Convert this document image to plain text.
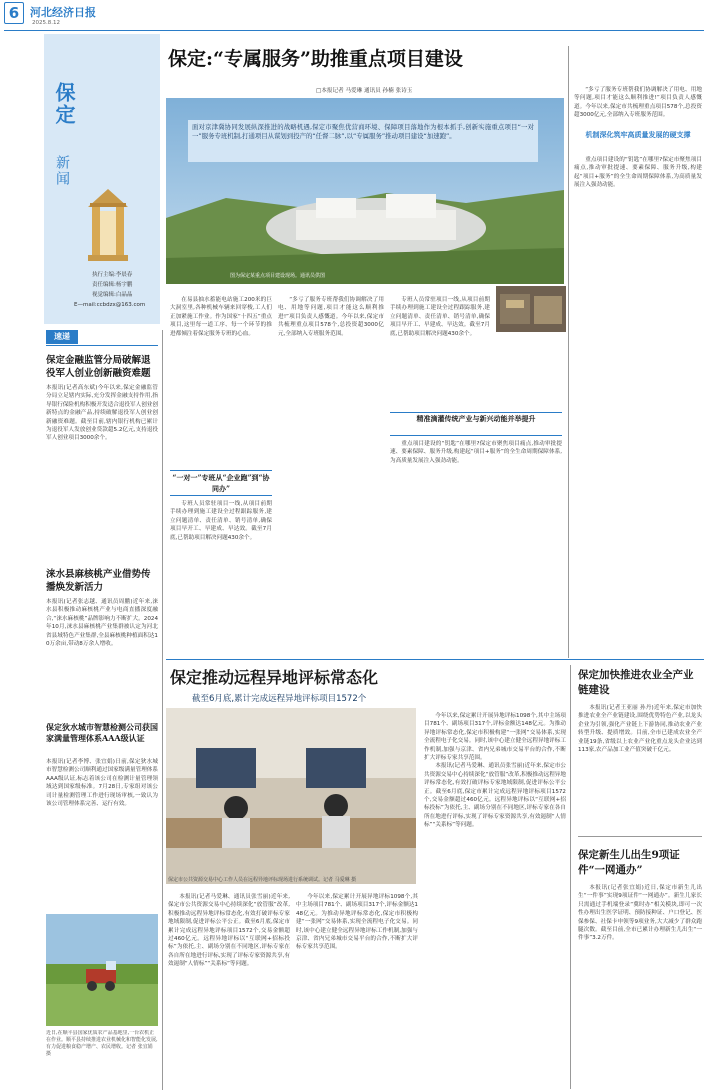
6 河北经济日报
2025.8.12
保定
新闻
执行主编:李晨春
责任编辑:杨宇鹏
视觉编辑:白晶晶
E—mail:ccbdzx@163.com
速递
保定金融监管分局破解退役军人创业创新融资难题
本报讯(记者高东斌)今年以来,保定金融监管分局立足辖内实际,充分发挥金融支持作用,指导银行保险机构积极开发适合退役军人创业创新特点的金融产品,持续破解退役军人创业创新融资难题。截至目前,辖内银行机构已累计为退役军人发放创业贷款超5.2亿元,支持退役军人创业项目3000余个。
涞水县麻核桃产业借势传播焕发新活力
本报讯(记者张志越、通讯员周鹏)近年来,涞水县积极推动麻核桃产业与电商直播深度融合,“涞水麻核桃”品牌影响力不断扩大。2024年10月,涞水县麻核桃产业集群被认定为河北省县域特色产业集群,全县麻核桃种植面积达10万余亩,带动8万余人增收。
保定狄水城市智慧检测公司获国家满量管理体系AAA级认证
本报讯(记者李博、张宜娟)日前,保定狄水城市智慧检测公司顺利通过国家级满量管理体系AAA级认证,标志着该公司在检测计量管理领域达到国家级标准。7月28日,专家组对该公司计量检测管理工作进行现场审核,一致认为该公司管理体系完善、运行有效。
近日,在顺平县国家优质农产品基地里,一台农机正在作业。顺平县持续推进农业机械化和智能化发展,有力促进粮食稳产增产、农民增收。记者 张宜娟 摄
保定:“专属服务”助推重点项目建设
□本报记者 马爱琳 通讯员 孙楠 张诗玉
面对京津冀协同发展纵深推进的战略机遇,保定市聚焦优营商环境、保障项目落地作为根本抓手,创新实施重点项目“一对一”服务专班机制,打通项目从谋划到投产的“任督二脉”,以“专属服务”推动项目建设“加速跑”。
图为保定某重点项目建设现场。通讯员供图

在易县抽水蓄能电站施工200米的巨大洞室里,各种机械车辆来回穿梭,工人们正加紧施工作业。作为国家“十四五”重点项目,这里每一道工序、每一个环节的推进都倾注着保定服务专班的心血。

“多亏了服务专班帮我们协调解决了用电、用地等问题,项目才能这么顺利推进!”项目负责人感慨道。今年以来,保定市共梳理重点项目578个,总投资超3000亿元,全部纳入专班服务范围。

“一对一”专班从“企业跑”到“协同办”

专班人员常驻项目一线,从项目前期手续办理到施工建设全过程跟踪服务,建立问题清单、责任清单、销号清单,确保项目早开工、早建成、早达效。截至7月底,已帮助项目解决问题430余个。

专班人员常驻项目一线,从项目前期手续办理到施工建设全过程跟踪服务,建立问题清单、责任清单、销号清单,确保项目早开工、早建成、早达效。截至7月底,已帮助项目解决问题430余个。

精准滴灌传统产业与新兴动能并举提升

重点项目建设的“钥匙”在哪里?保定市聚焦项目痛点,推动审批提速、要素保障、服务升级,构建起“项目+服务”的全生命周期保障体系,为高质量发展注入强劲动能。

“多亏了服务专班帮我们协调解决了用电、用地等问题,项目才能这么顺利推进!”项目负责人感慨道。今年以来,保定市共梳理重点项目578个,总投资超3000亿元,全部纳入专班服务范围。

机制深化筑牢高质量发展的硬支撑

重点项目建设的“钥匙”在哪里?保定市聚焦项目痛点,推动审批提速、要素保障、服务升级,构建起“项目+服务”的全生命周期保障体系,为高质量发展注入强劲动能。

保定推动远程异地评标常态化
截至6月底,累计完成远程异地评标项目1572个
保定市公共资源交易中心工作人员在远程异地评标现场进行系统调试。记者 马爱琳 摄

本报讯(记者马爱琳、通讯员张雪丽)近年来,保定市公共资源交易中心持续深化“放管服”改革,积极推动远程异地评标常态化,有效打破评标专家地域限制,促进评标公平公正。截至6月底,保定市累计完成远程异地评标项目1572个,交易金额超过460亿元。远程异地评标以“互联网+招标投标”为依托,主、副场分别在不同地区,评标专家在各自所在地进行评标,实现了评标专家资源共享,有效遏制“人情标”“关系标”等问题。

今年以来,保定累计开展异地评标1098个,其中主场项目781个、副场项目317个,评标金额达148亿元。为推动异地评标常态化,保定市积极构建“一张网”交易体系,实现全流程电子化交易。同时,该中心建立健全远程异地评标工作机制,加强与京津、省内兄弟城市交易平台的合作,不断扩大评标专家共享范围。

今年以来,保定累计开展异地评标1098个,其中主场项目781个、副场项目317个,评标金额达148亿元。为推动异地评标常态化,保定市积极构建“一张网”交易体系,实现全流程电子化交易。同时,该中心建立健全远程异地评标工作机制,加强与京津、省内兄弟城市交易平台的合作,不断扩大评标专家共享范围。

本报讯(记者马爱琳、通讯员张雪丽)近年来,保定市公共资源交易中心持续深化“放管服”改革,积极推动远程异地评标常态化,有效打破评标专家地域限制,促进评标公平公正。截至6月底,保定市累计完成远程异地评标项目1572个,交易金额超过460亿元。远程异地评标以“互联网+招标投标”为依托,主、副场分别在不同地区,评标专家在各自所在地进行评标,实现了评标专家资源共享,有效遏制“人情标”“关系标”等问题。

保定加快推进农业全产业链建设

本报讯(记者王亚丽 孙丹)近年来,保定市加快推进农业全产业链建设,围绕优势特色产业,以龙头企业为引领,强化产业链上下游协同,推动农业产业转型升级、提质增效。目前,全市已建成农业全产业链19条,省级以上农业产业化重点龙头企业达到113家,农产品加工业产值突破千亿元。

保定新生儿出生9项证件“一网通办”

本报讯(记者张宜娟)近日,保定市新生儿出生“一件事”实现9项证件“一网通办”。新生儿家长只需通过手机端登录“冀时办”相关模块,即可一次性办理出生医学证明、预防接种证、户口登记、医保参保、社保卡申领等9项业务,大大减少了群众跑腿次数。截至目前,全市已累计办理新生儿出生“一件事”3.2万件。
